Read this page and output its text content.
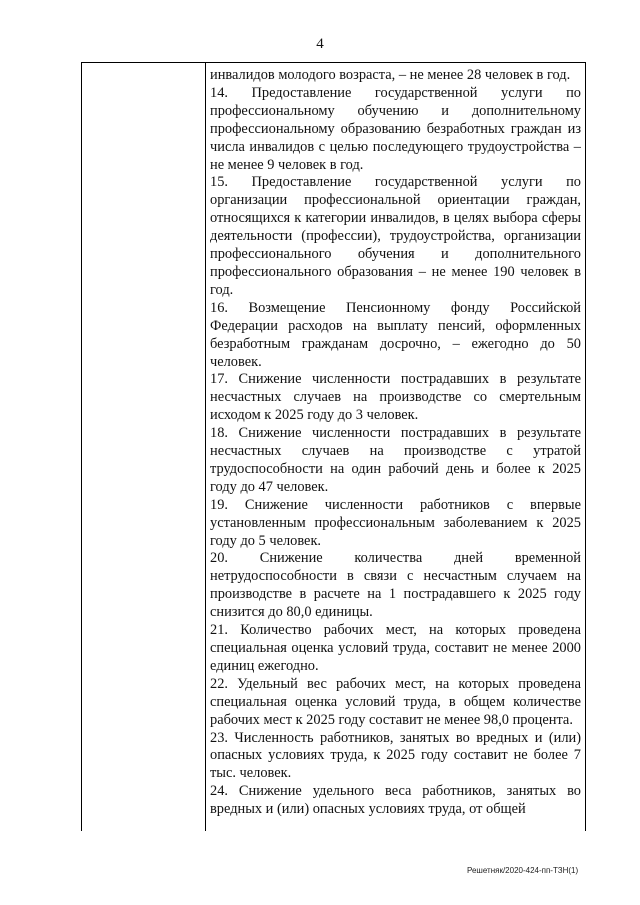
4

инвалидов молодого возраста, – не менее 28 человек в год.

14. Предоставление государственной услуги по профессиональному обучению и дополнительному профессиональному образованию безработных граждан из числа инвалидов с целью последующего трудоустройства – не менее 9 человек в год.

15. Предоставление государственной услуги по организации профессиональной ориентации граждан, относящихся к категории инвалидов, в целях выбора сферы деятельности (профессии), трудоустройства, организации профессионального обучения и дополнительного профессионального образования – не менее 190 человек в год.

16. Возмещение Пенсионному фонду Российской Федерации расходов на выплату пенсий, оформленных безработным гражданам досрочно, – ежегодно до 50 человек.

17. Снижение численности пострадавших в результате несчастных случаев на производстве со смертельным исходом к 2025 году до 3 человек.

18. Снижение численности пострадавших в результате несчастных случаев на производстве с утратой трудоспособности на один рабочий день и более к 2025 году до 47 человек.

19. Снижение численности работников с впервые установленным профессиональным заболеванием к 2025 году до 5 человек.

20. Снижение количества дней временной нетрудоспособности в связи с несчастным случаем на производстве в расчете на 1 пострадавшего к 2025 году снизится до 80,0 единицы.

21. Количество рабочих мест, на которых проведена специальная оценка условий труда, составит не менее 2000 единиц ежегодно.

22. Удельный вес рабочих мест, на которых проведена специальная оценка условий труда, в общем количестве рабочих мест к 2025 году составит не менее 98,0 процента.

23. Численность работников, занятых во вредных и (или) опасных условиях труда, к 2025 году составит не более 7 тыс. человек.

24. Снижение удельного веса работников, занятых во вредных и (или) опасных условиях труда, от общей

Решетняк/2020-424-пп-ТЗН(1)
